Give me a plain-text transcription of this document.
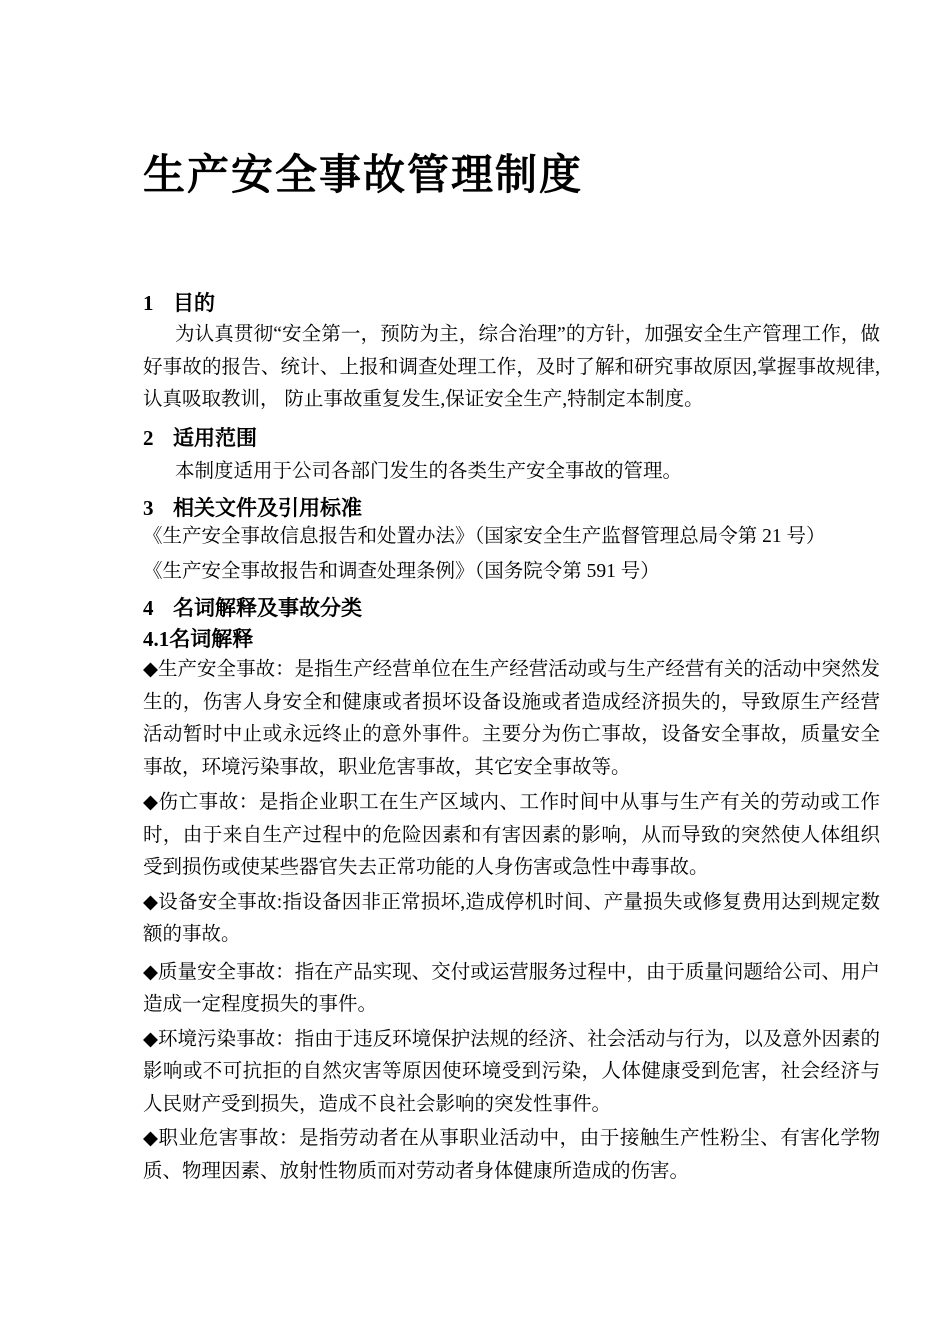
生产安全事故管理制度
1 目的

为认真贯彻“安全第一，预防为主，综合治理”的方针，加强安全生产管理工作，做好事故的报告、统计、上报和调查处理工作，及时了解和研究事故原因,掌握事故规律,认真吸取教训， 防止事故重复发生,保证安全生产,特制定本制度。

2 适用范围

本制度适用于公司各部门发生的各类生产安全事故的管理。

3 相关文件及引用标准

《生产安全事故信息报告和处置办法》（国家安全生产监督管理总局令第 21 号）

《生产安全事故报告和调查处理条例》（国务院令第 591 号）

4 名词解释及事故分类
4.1名词解释

◆生产安全事故：是指生产经营单位在生产经营活动或与生产经营有关的活动中突然发生的，伤害人身安全和健康或者损坏设备设施或者造成经济损失的，导致原生产经营活动暂时中止或永远终止的意外事件。主要分为伤亡事故，设备安全事故，质量安全事故，环境污染事故，职业危害事故，其它安全事故等。

◆伤亡事故：是指企业职工在生产区域内、工作时间中从事与生产有关的劳动或工作时，由于来自生产过程中的危险因素和有害因素的影响，从而导致的突然使人体组织受到损伤或使某些器官失去正常功能的人身伤害或急性中毒事故。

◆设备安全事故:指设备因非正常损坏,造成停机时间、产量损失或修复费用达到规定数额的事故。

◆质量安全事故：指在产品实现、交付或运营服务过程中，由于质量问题给公司、用户造成一定程度损失的事件。

◆环境污染事故：指由于违反环境保护法规的经济、社会活动与行为，以及意外因素的影响或不可抗拒的自然灾害等原因使环境受到污染，人体健康受到危害，社会经济与人民财产受到损失，造成不良社会影响的突发性事件。

◆职业危害事故：是指劳动者在从事职业活动中，由于接触生产性粉尘、有害化学物质、物理因素、放射性物质而对劳动者身体健康所造成的伤害。
